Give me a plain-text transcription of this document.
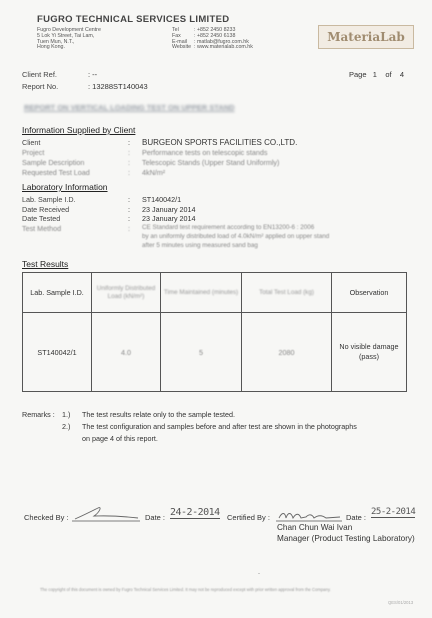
FUGRO TECHNICAL SERVICES LIMITED
Fugro Development Centre
5 Lok Yi Street, Tai Lam,
Tuen Mun, N.T.,
Hong Kong.
Tel	: +852 2450 8233
Fax : +852 2450 6138
E-mail : matlab@fugro.com.hk
Website : www.materialab.com.hk
MateriaLab
Client Ref.	: --
Report No.	: 13288ST140043
Page 1 of 4
REPORT ON VERTICAL LOADING TEST ON UPPER STAND
Information Supplied by Client
Client	: BURGEON SPORTS FACILITIES CO.,LTD.
Project	: Performance tests on telescopic stands
Sample Description	: Telescopic Stands (Upper Stand Uniformly)
Requested Test Load	: 4kN/m²
Laboratory Information
Lab. Sample I.D.	: ST140042/1
Date Received	: 23 January 2014
Date Tested	: 23 January 2014
Test Method	: CE Standard test requirement according to EN13200-6 : 2006
by an uniformly distributed load of 4.0kN/m² applied on upper stand
after 5 minutes using measured sand bag
Test Results
Lab. Sample I.D.	Uniformly Distributed Load (kN/m²)	Time Maintained (minutes)	Total Test Load (kg)	Observation
ST140042/1	4.0	5	2080	No visible damage (pass)
Remarks : 1.) The test results relate only to the sample tested.
2.) The test configuration and samples before and after test are shown in the photographs
on page 4 of this report.
Checked By :	Date : 24-2-2014 Certified By :	Date :
25-2-2014
Chan Chun Wai Ivan
Manager (Product Testing Laboratory)
-
The copyright of this document is owned by Fugro Technical Services Limited. It may not be reproduced except with prior written approval from the Company.
QES/01/2013
